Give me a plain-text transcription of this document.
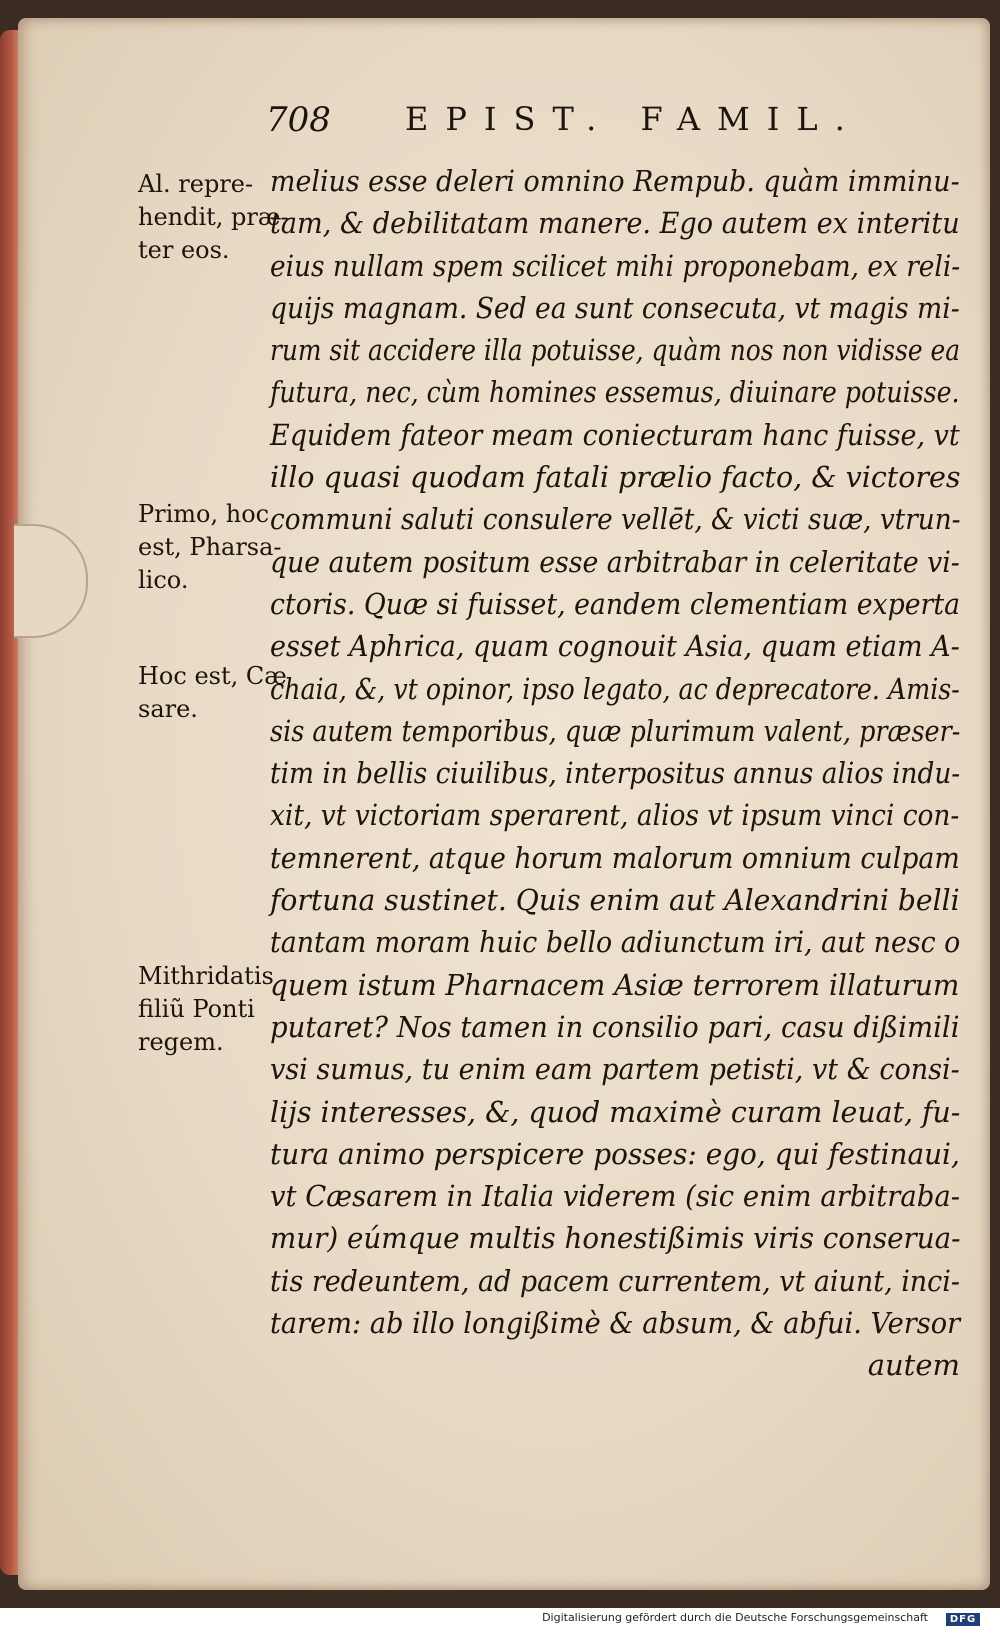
708 EPIST. FAMIL.
Al. repre-
hendit, præ-
ter eos.
Primo, hoc
est, Pharsa-
lico.
Hoc est, Cæ
sare.
Mithridatis
filiũ Ponti
regem.
melius esse deleri omnino Rempub. quàm imminu-
tam, & debilitatam manere. Ego autem ex interitu
eius nullam spem scilicet mihi proponebam, ex reli-
quijs magnam. Sed ea sunt consecuta, vt magis mi-
rum sit accidere illa potuisse, quàm nos non vidisse ea
futura, nec, cùm homines essemus, diuinare potuisse.
Equidem fateor meam coniecturam hanc fuisse, vt
illo quasi quodam fatali prælio facto, & victores
communi saluti consulere vellēt, & victi suæ, vtrun-
que autem positum esse arbitrabar in celeritate vi-
ctoris. Quæ si fuisset, eandem clementiam experta
esset Aphrica, quam cognouit Asia, quam etiam A-
chaia, &, vt opinor, ipso legato, ac deprecatore. Amis-
sis autem temporibus, quæ plurimum valent, præser-
tim in bellis ciuilibus, interpositus annus alios indu-
xit, vt victoriam sperarent, alios vt ipsum vinci con-
temnerent, atque horum malorum omnium culpam
fortuna sustinet. Quis enim aut Alexandrini belli
tantam moram huic bello adiunctum iri, aut nesc o
quem istum Pharnacem Asiæ terrorem illaturum
putaret? Nos tamen in consilio pari, casu dißimili
vsi sumus, tu enim eam partem petisti, vt & consi-
lijs interesses, &, quod maximè curam leuat, fu-
tura animo perspicere posses: ego, qui festinaui,
vt Cæsarem in Italia viderem (sic enim arbitraba-
mur) eúmque multis honestißimis viris conserua-
tis redeuntem, ad pacem currentem, vt aiunt, inci-
tarem: ab illo longißimè & absum, & abfui. Versor
autem
Digitalisierung gefördert durch die Deutsche Forschungsgemeinschaft	DFG
